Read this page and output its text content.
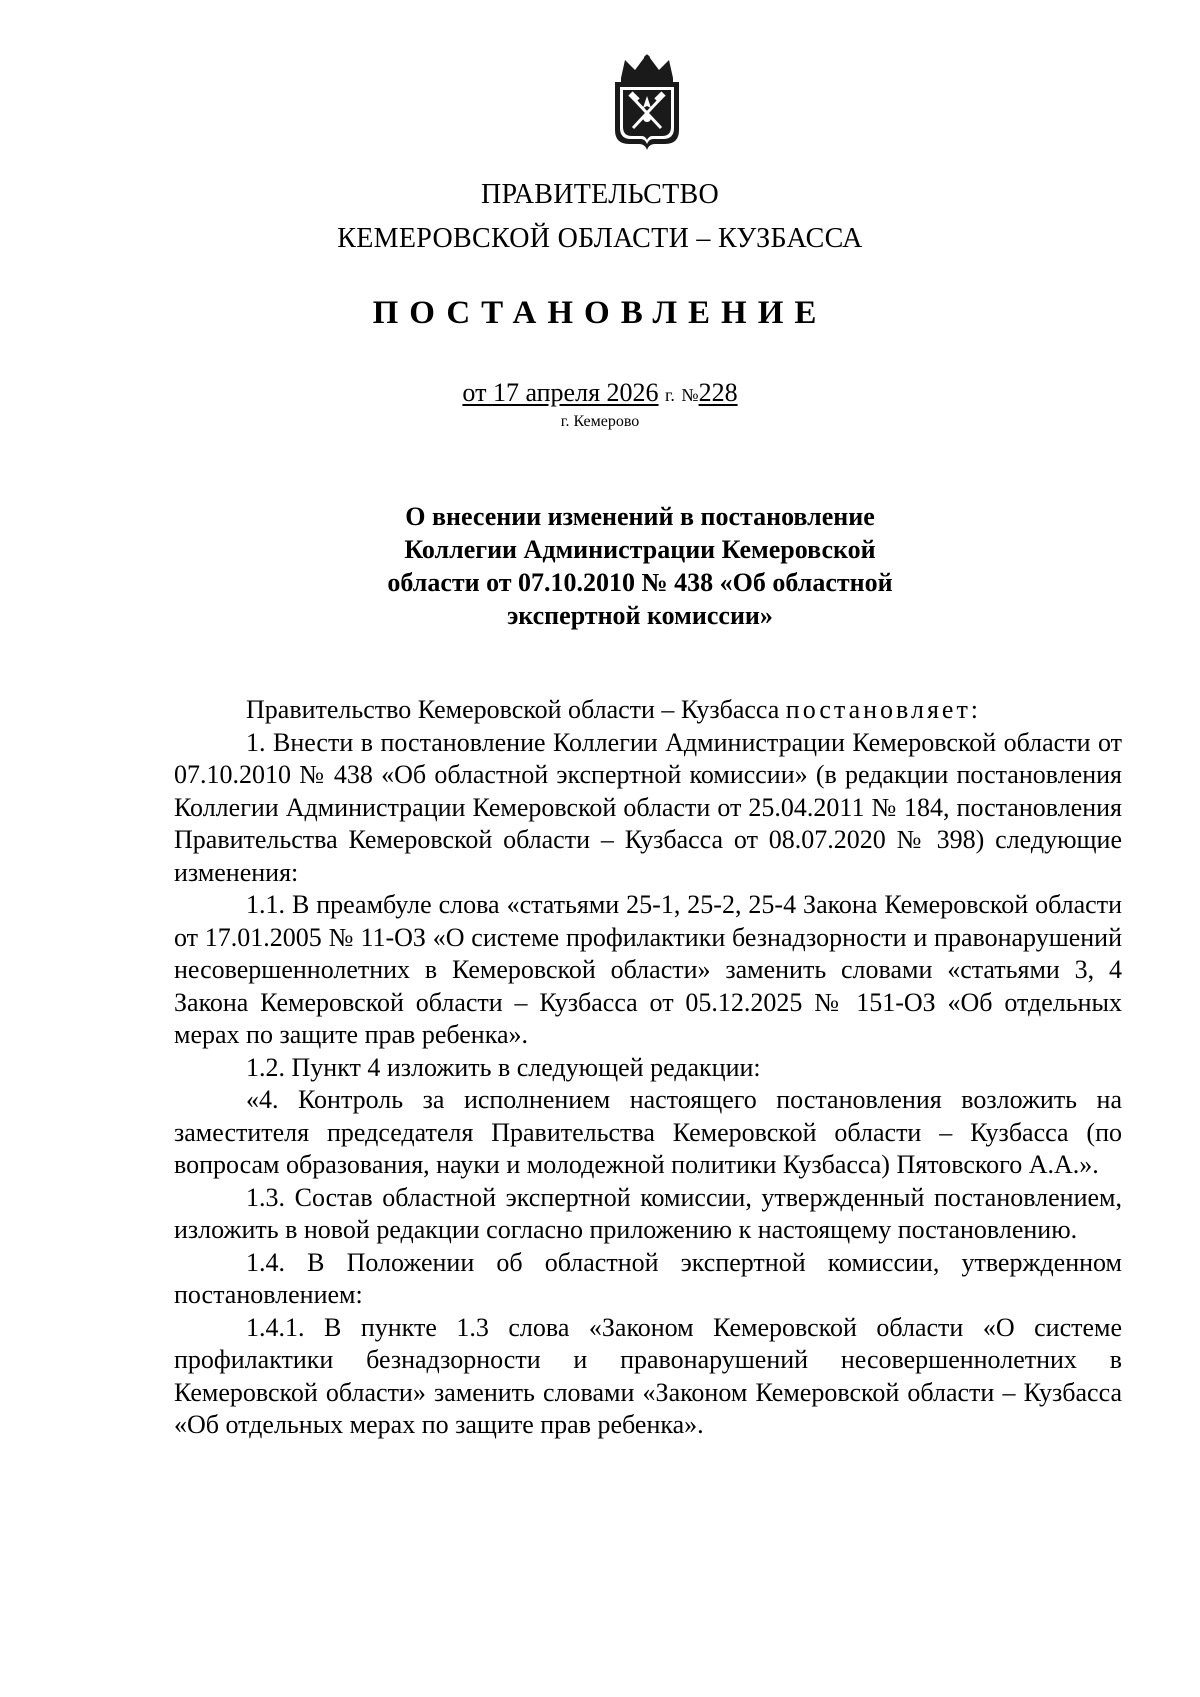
ПРАВИТЕЛЬСТВО
КЕМЕРОВСКОЙ ОБЛАСТИ – КУЗБАССА
ПОСТАНОВЛЕНИЕ
от 17 апреля 2026 г. №228
г. Кемерово
О внесении изменений в постановление
Коллегии Администрации Кемеровской
области от 07.10.2010 № 438 «Об областной
экспертной комиссии»
Правительство Кемеровской области – Кузбасса постановляет:
1. Внести в постановление Коллегии Администрации Кемеровской области от 07.10.2010 № 438 «Об областной экспертной комиссии» (в редакции постановления Коллегии Администрации Кемеровской области от 25.04.2011 № 184, постановления Правительства Кемеровской области – Кузбасса от 08.07.2020 № 398) следующие изменения:
1.1. В преамбуле слова «статьями 25-1, 25-2, 25-4 Закона Кемеровской области от 17.01.2005 № 11-ОЗ «О системе профилактики безнадзорности и правонарушений несовершеннолетних в Кемеровской области» заменить словами «статьями 3, 4 Закона Кемеровской области – Кузбасса от 05.12.2025 № 151-ОЗ «Об отдельных мерах по защите прав ребенка».
1.2. Пункт 4 изложить в следующей редакции:
«4. Контроль за исполнением настоящего постановления возложить на заместителя председателя Правительства Кемеровской области – Кузбасса (по вопросам образования, науки и молодежной политики Кузбасса) Пятовского А.А.».
1.3. Состав областной экспертной комиссии, утвержденный постановлением, изложить в новой редакции согласно приложению к настоящему постановлению.
1.4. В Положении об областной экспертной комиссии, утвержденном постановлением:
1.4.1. В пункте 1.3 слова «Законом Кемеровской области «О системе профилактики безнадзорности и правонарушений несовершеннолетних в Кемеровской области» заменить словами «Законом Кемеровской области – Кузбасса «Об отдельных мерах по защите прав ребенка».
